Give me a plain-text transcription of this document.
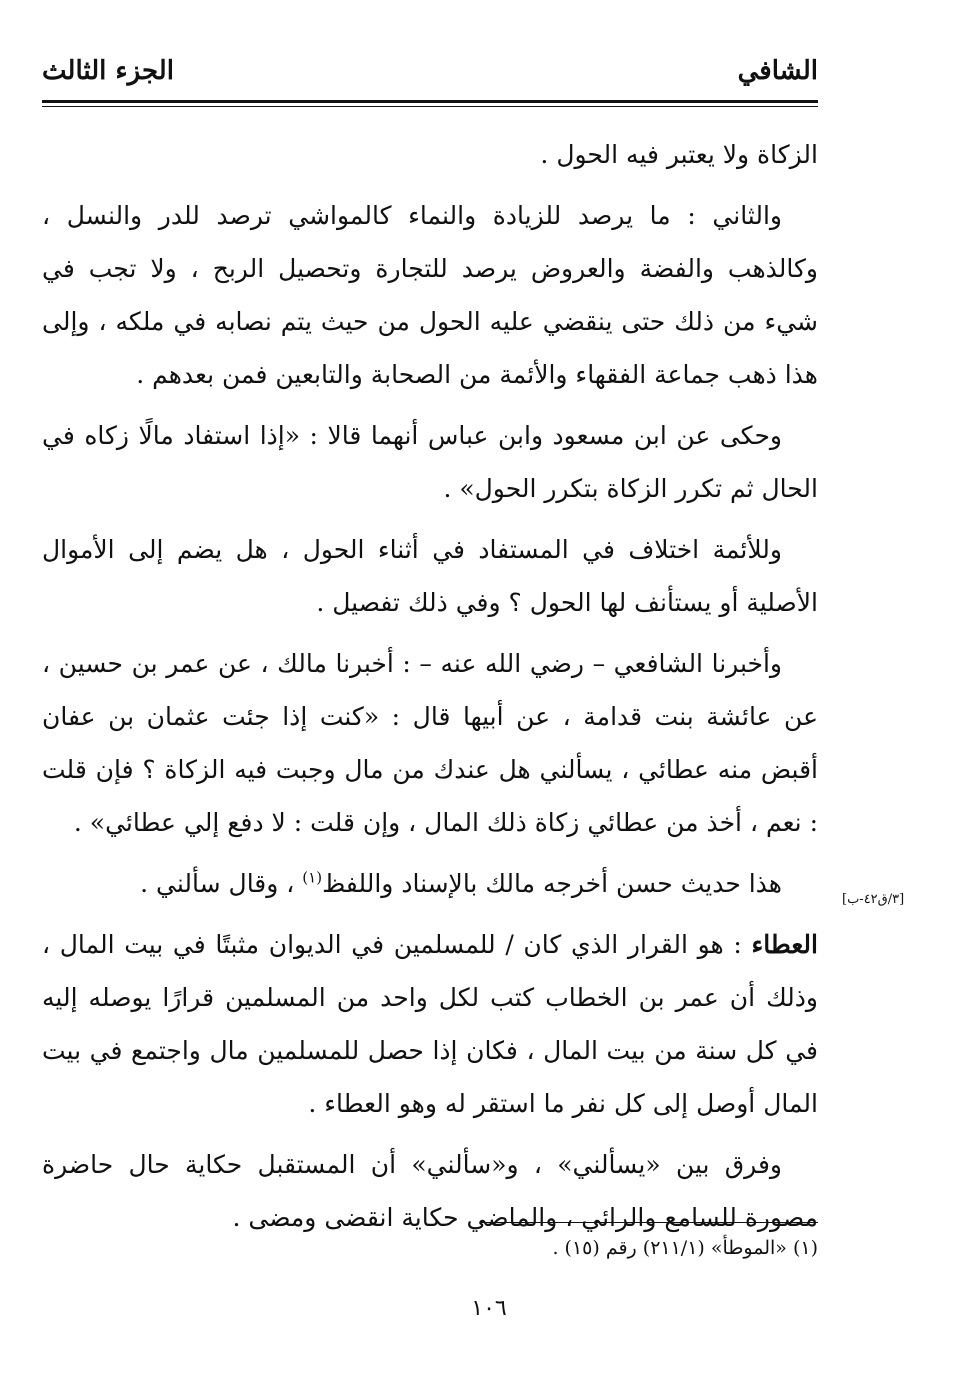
الشافي
الجزء الثالث

الزكاة ولا يعتبر فيه الحول .

والثاني : ما يرصد للزيادة والنماء كالمواشي ترصد للدر والنسل ، وكالذهب والفضة والعروض يرصد للتجارة وتحصيل الربح ، ولا تجب في شيء من ذلك حتى ينقضي عليه الحول من حيث يتم نصابه في ملكه ، وإلى هذا ذهب جماعة الفقهاء والأئمة من الصحابة والتابعين فمن بعدهم .

وحكى عن ابن مسعود وابن عباس أنهما قالا : «إذا استفاد مالًا زكاه في الحال ثم تكرر الزكاة بتكرر الحول» .

وللأئمة اختلاف في المستفاد في أثناء الحول ، هل يضم إلى الأموال الأصلية أو يستأنف لها الحول ؟ وفي ذلك تفصيل .

وأخبرنا الشافعي – رضي الله عنه – : أخبرنا مالك ، عن عمر بن حسين ، عن عائشة بنت قدامة ، عن أبيها قال : «كنت إذا جئت عثمان بن عفان أقبض منه عطائي ، يسألني هل عندك من مال وجبت فيه الزكاة ؟ فإن قلت : نعم ، أخذ من عطائي زكاة ذلك المال ، وإن قلت : لا دفع إلي عطائي» .

هذا حديث حسن أخرجه مالك بالإسناد واللفظ$^{(١)}$ ، وقال سألني .

العطاء : هو القرار الذي كان / للمسلمين في الديوان مثبتًا في بيت المال ، وذلك أن عمر بن الخطاب كتب لكل واحد من المسلمين قرارًا يوصله إليه في كل سنة من بيت المال ، فكان إذا حصل للمسلمين مال واجتمع في بيت المال أوصل إلى كل نفر ما استقر له وهو العطاء .

وفرق بين «يسألني» ، و«سألني» أن المستقبل حكاية حال حاضرة مصورة للسامع والرائي ، والماضي حكاية انقضى ومضى .

[٣/ق٤٢-ب]
(١) «الموطأ» (٢١١/١) رقم (١٥) .
١٠٦
